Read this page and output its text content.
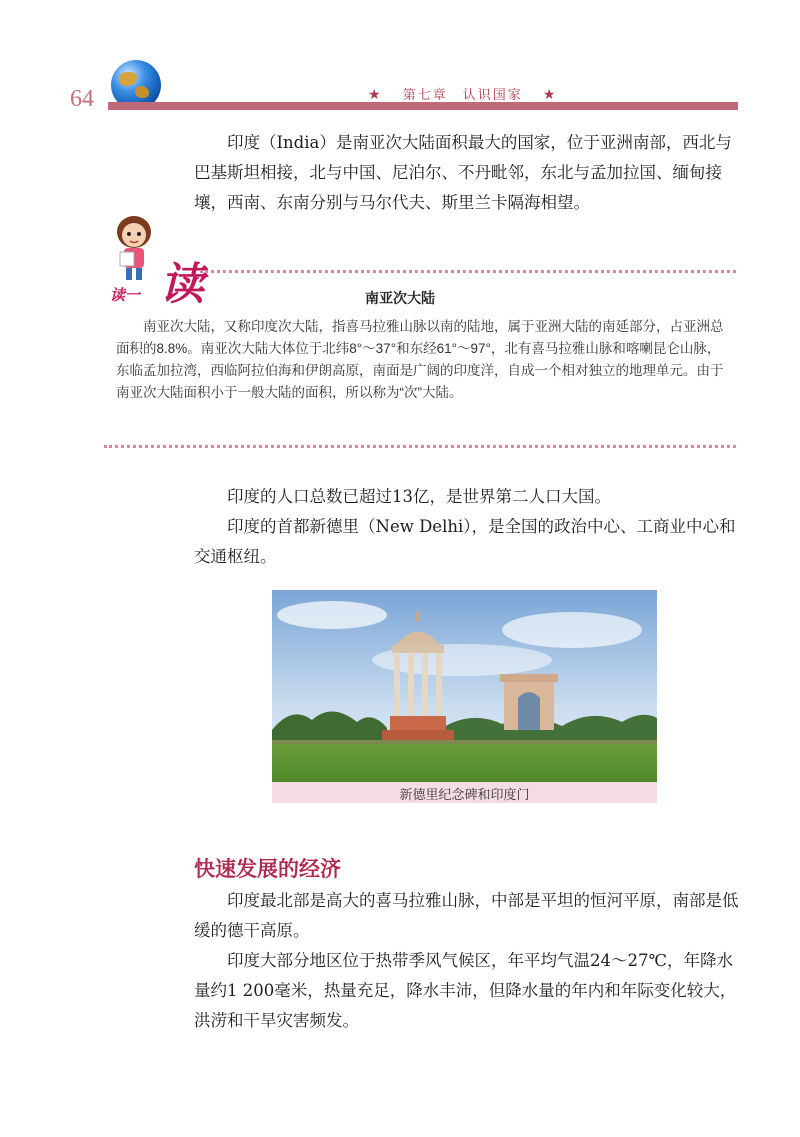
64	★ 第七章　认识国家 ★
印度（India）是南亚次大陆面积最大的国家，位于亚洲南部，西北与巴基斯坦相接，北与中国、尼泊尔、不丹毗邻，东北与孟加拉国、缅甸接壤，西南、东南分别与马尔代夫、斯里兰卡隔海相望。
读一 读	南亚次大陆
南亚次大陆，又称印度次大陆，指喜马拉雅山脉以南的陆地，属于亚洲大陆的南延部分，占亚洲总面积的8.8%。南亚次大陆大体位于北纬8°～37°和东经61°～97°，北有喜马拉雅山脉和喀喇昆仑山脉，东临孟加拉湾，西临阿拉伯海和伊朗高原，南面是广阔的印度洋，自成一个相对独立的地理单元。由于南亚次大陆面积小于一般大陆的面积，所以称为“次”大陆。
印度的人口总数已超过13亿，是世界第二人口大国。
印度的首都新德里（New Delhi），是全国的政治中心、工商业中心和交通枢纽。
新德里纪念碑和印度门
快速发展的经济
印度最北部是高大的喜马拉雅山脉，中部是平坦的恒河平原，南部是低缓的德干高原。
印度大部分地区位于热带季风气候区，年平均气温24～27℃，年降水量约1 200毫米，热量充足，降水丰沛，但降水量的年内和年际变化较大，洪涝和干旱灾害频发。
